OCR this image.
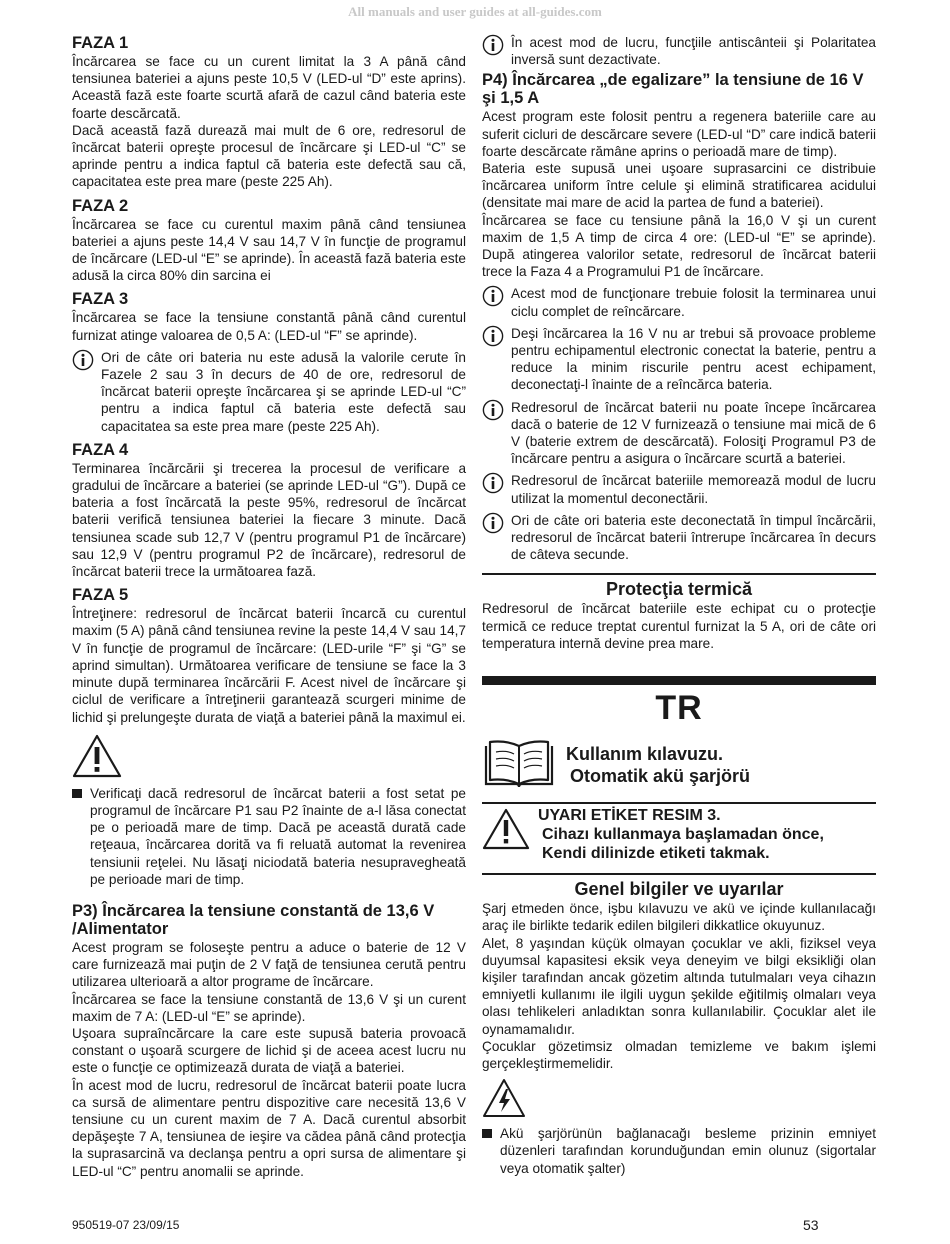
All manuals and user guides at all-guides.com
FAZA 1

Încărcarea se face cu un curent limitat la 3 A până când tensiunea bateriei a ajuns peste 10,5 V (LED-ul “D” este aprins). Această fază este foarte scurtă afară de cazul când bateria este foarte descărcată.

Dacă această fază durează mai mult de 6 ore, redresorul de încărcat baterii opreşte procesul de încărcare şi LED-ul “C” se aprinde pentru a indica faptul că bateria este defectă sau că, capacitatea este prea mare (peste 225 Ah).

FAZA 2

Încărcarea se face cu curentul maxim până când tensiunea bateriei a ajuns peste 14,4 V sau 14,7 V în funcţie de programul de încărcare (LED-ul “E” se aprinde). În această fază bateria este adusă la circa 80% din sarcina ei

FAZA 3

Încărcarea se face la tensiune constantă până când curentul furnizat atinge valoarea de 0,5 A: (LED-ul “F” se aprinde).

Ori de câte ori bateria nu este adusă la valorile cerute în Fazele 2 sau 3 în decurs de 40 de ore, redresorul de încărcat baterii opreşte încărcarea şi se aprinde LED-ul “C” pentru a indica faptul că bateria este defectă sau capacitatea sa este prea mare (peste 225 Ah).

FAZA 4

Terminarea încărcării şi trecerea la procesul de verificare a gradului de încărcare a bateriei (se aprinde LED-ul “G”). După ce bateria a fost încărcată la peste 95%, redresorul de încărcat baterii verifică tensiunea bateriei la fiecare 3 minute. Dacă tensiunea scade sub 12,7 V (pentru programul P1 de încărcare) sau 12,9 V (pentru programul P2 de încărcare), redresorul de încărcat baterii trece la următoarea fază.

FAZA 5

Întreţinere: redresorul de încărcat baterii încarcă cu curentul maxim (5 A) până când tensiunea revine la peste 14,4 V sau 14,7 V în funcţie de programul de încărcare: (LED-urile “F” şi “G” se aprind simultan). Următoarea verificare de tensiune se face la 3 minute după terminarea încărcării F. Acest nivel de încărcare şi ciclul de verificare a întreţinerii garantează scurgeri minime de lichid şi prelungeşte durata de viaţă a bateriei până la maximul ei.

Verificaţi dacă redresorul de încărcat baterii a fost setat pe programul de încărcare P1 sau P2 înainte de a-l lăsa conectat pe o perioadă mare de timp. Dacă pe această durată cade reţeaua, încărcarea dorită va fi reluată automat la revenirea tensiunii reţelei. Nu lăsaţi niciodată bateria nesupravegheată pe perioade mari de timp.

P3) Încărcarea la tensiune constantă de 13,6 V /Alimentator

Acest program se foloseşte pentru a aduce o baterie de 12 V care furnizează mai puţin de 2 V faţă de tensiunea cerută pentru utilizarea ulterioară a altor programe de încărcare.

Încărcarea se face la tensiune constantă de 13,6 V şi un curent maxim de 7 A: (LED-ul “E” se aprinde).

Uşoara supraîncărcare la care este supusă bateria provoacă constant o uşoară scurgere de lichid şi de aceea acest lucru nu este o funcţie ce optimizează durata de viaţă a bateriei.

În acest mod de lucru, redresorul de încărcat baterii poate lucra ca sursă de alimentare pentru dispozitive care necesită 13,6 V tensiune cu un curent maxim de 7 A. Dacă curentul absorbit depăşeşte 7 A, tensiunea de ieşire va cădea până când protecţia la suprasarcină va declanşa pentru a opri sursa de alimentare şi LED-ul “C” pentru anomalii se aprinde.

În acest mod de lucru, funcţiile antiscânteii şi Polaritatea inversă sunt dezactivate.

P4) Încărcarea „de egalizare” la tensiune de 16 V şi 1,5 A

Acest program este folosit pentru a regenera bateriile care au suferit cicluri de descărcare severe (LED-ul “D” care indică baterii foarte descărcate rămâne aprins o perioadă mare de timp).

Bateria este supusă unei uşoare suprasarcini ce distribuie încărcarea uniform între celule şi elimină stratificarea acidului (densitate mai mare de acid la partea de fund a bateriei).

Încărcarea se face cu tensiune până la 16,0 V şi un curent maxim de 1,5 A timp de circa 4 ore: (LED-ul “E” se aprinde). După atingerea valorilor setate, redresorul de încărcat baterii trece la Faza 4 a Programului P1 de încărcare.

Acest mod de funcţionare trebuie folosit la terminarea unui ciclu complet de reîncărcare.

Deşi încărcarea la 16 V nu ar trebui să provoace probleme pentru echipamentul electronic conectat la baterie, pentru a reduce la minim riscurile pentru acest echipament, deconectaţi-l înainte de a reîncărca bateria.

Redresorul de încărcat baterii nu poate începe încărcarea dacă o baterie de 12 V furnizează o tensiune mai mică de 6 V (baterie extrem de descărcată). Folosiţi Programul P3 de încărcare pentru a asigura o încărcare scurtă a bateriei.

Redresorul de încărcat bateriile memorează modul de lucru utilizat la momentul deconectării.

Ori de câte ori bateria este deconectată în timpul încărcării, redresorul de încărcat baterii întrerupe încărcarea în decurs de câteva secunde.

Protecţia termică

Redresorul de încărcat bateriile este echipat cu o protecţie termică ce reduce treptat curentul furnizat la 5 A, ori de câte ori temperatura internă devine prea mare.

TR
Kullanım kılavuzu.
Otomatik akü şarjörü
UYARI ETİKET RESIM 3.
Cihazı kullanmaya başlamadan önce,
Kendi dilinizde etiketi takmak.
Genel bilgiler ve uyarılar

Şarj etmeden önce, işbu kılavuzu ve akü ve içinde kullanılacağı araç ile birlikte tedarik edilen bilgileri dikkatlice okuyunuz.

Alet, 8 yaşından küçük olmayan çocuklar ve akli, fiziksel veya duyumsal kapasitesi eksik veya deneyim ve bilgi eksikliği olan kişiler tarafından ancak gözetim altında tutulmaları veya cihazın emniyetli kullanımı ile ilgili uygun şekilde eğitilmiş olmaları veya olası tehlikeleri anladıktan sonra kullanılabilir. Çocuklar alet ile oynamamalıdır.

Çocuklar gözetimsiz olmadan temizleme ve bakım işlemi gerçekleştirmemelidir.

Akü şarjörünün bağlanacağı besleme prizinin emniyet düzenleri tarafından korunduğundan emin olunuz (sigortalar veya otomatik şalter)

950519-07 23/09/15	53
